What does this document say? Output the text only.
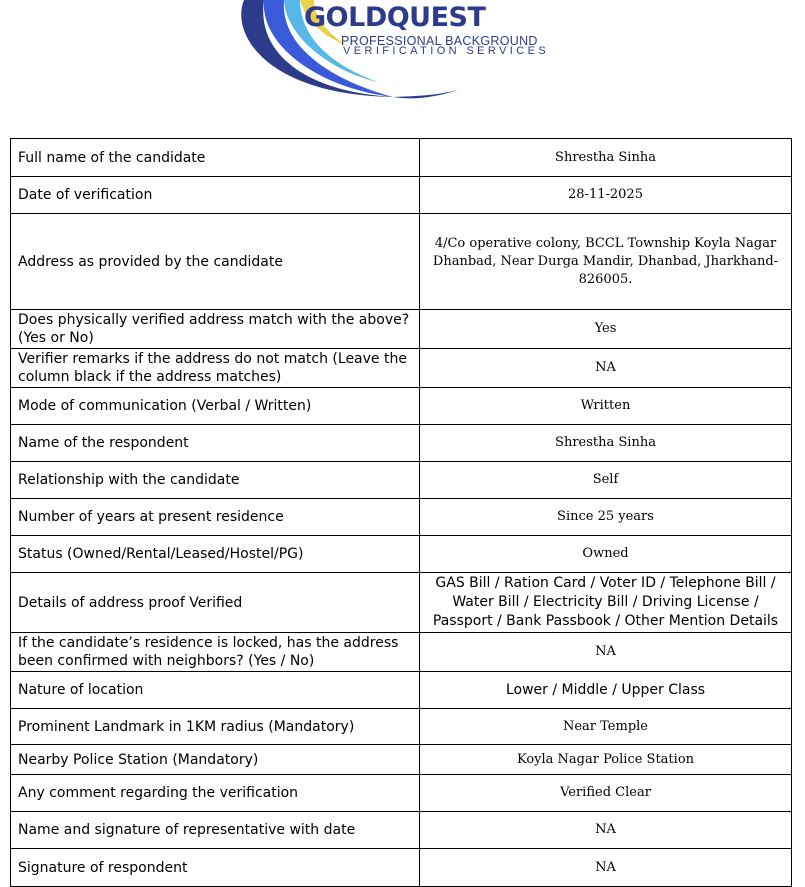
GOLDQUEST
PROFESSIONAL BACKGROUND
VERIFICATION SERVICES
Full name of the candidate	Shrestha Sinha
Date of verification	28-11-2025
Address as provided by the candidate	4/Co operative colony, BCCL Township Koyla Nagar Dhanbad, Near Durga Mandir, Dhanbad, Jharkhand-826005.
Does physically verified address match with the above? (Yes or No)	Yes
Verifier remarks if the address do not match (Leave the column black if the address matches)	NA
Mode of communication (Verbal / Written)	Written
Name of the respondent	Shrestha Sinha
Relationship with the candidate	Self
Number of years at present residence	Since 25 years
Status (Owned/Rental/Leased/Hostel/PG)	Owned
Details of address proof Verified	GAS Bill / Ration Card / Voter ID / Telephone Bill / Water Bill / Electricity Bill / Driving License / Passport / Bank Passbook / Other Mention Details
If the candidate’s residence is locked, has the address been confirmed with neighbors? (Yes / No)	NA
Nature of location	Lower / Middle / Upper Class
Prominent Landmark in 1KM radius (Mandatory)	Near Temple
Nearby Police Station (Mandatory)	Koyla Nagar Police Station
Any comment regarding the verification	Verified Clear
Name and signature of representative with date	NA
Signature of respondent	NA
